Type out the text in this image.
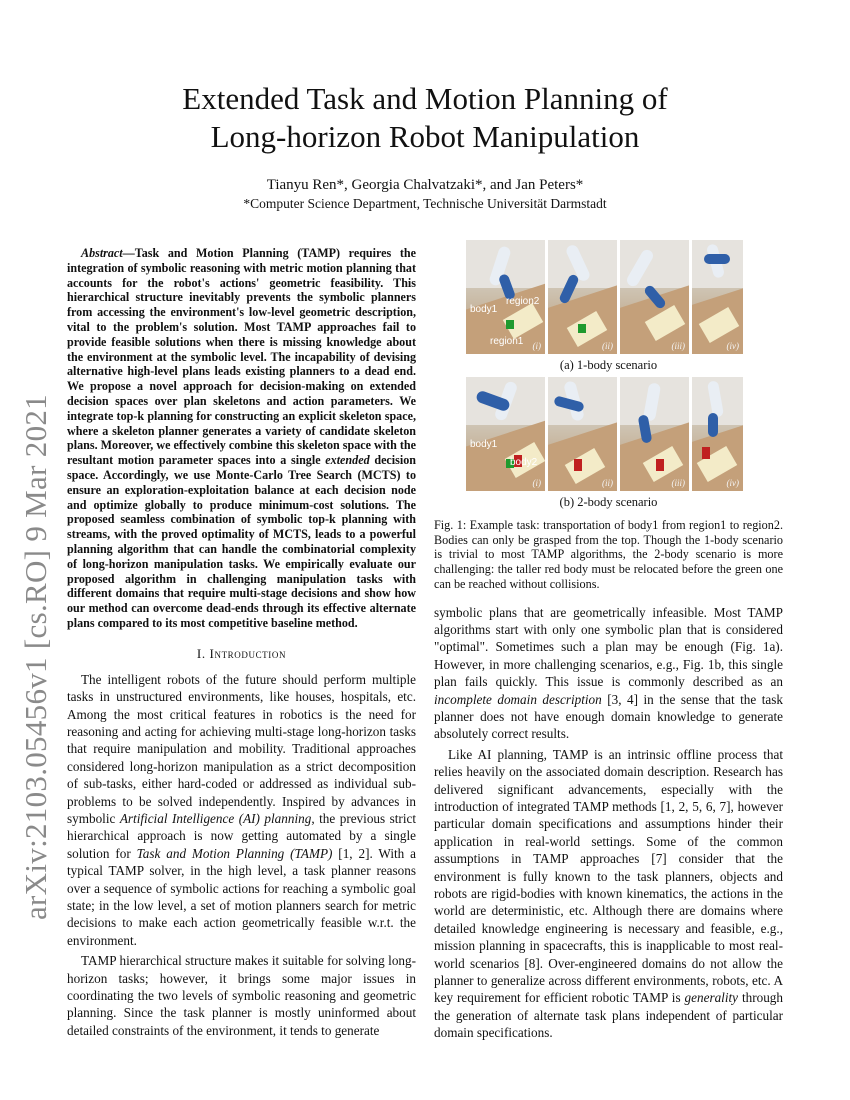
arXiv:2103.05456v1 [cs.RO] 9 Mar 2021
Extended Task and Motion Planning of
Long-horizon Robot Manipulation
Tianyu Ren*, Georgia Chalvatzaki*, and Jan Peters*
*Computer Science Department, Technische Universität Darmstadt

Abstract—Task and Motion Planning (TAMP) requires the integration of symbolic reasoning with metric motion planning that accounts for the robot's actions' geometric feasibility. This hierarchical structure inevitably prevents the symbolic planners from accessing the environment's low-level geometric description, vital to the problem's solution. Most TAMP approaches fail to provide feasible solutions when there is missing knowledge about the environment at the symbolic level. The incapability of devising alternative high-level plans leads existing planners to a dead end. We propose a novel approach for decision-making on extended decision spaces over plan skeletons and action parameters. We integrate top-k planning for constructing an explicit skeleton space, where a skeleton planner generates a variety of candidate skeleton plans. Moreover, we effectively combine this skeleton space with the resultant motion parameter spaces into a single extended decision space. Accordingly, we use Monte-Carlo Tree Search (MCTS) to ensure an exploration-exploitation balance at each decision node and optimize globally to produce minimum-cost solutions. The proposed seamless combination of symbolic top-k planning with streams, with the proved optimality of MCTS, leads to a powerful planning algorithm that can handle the combinatorial complexity of long-horizon manipulation tasks. We empirically evaluate our proposed algorithm in challenging manipulation tasks with different domains that require multi-stage decisions and show how our method can overcome dead-ends through its effective alternate plans compared to its most competitive baseline method.

I. Introduction

The intelligent robots of the future should perform multiple tasks in unstructured environments, like houses, hospitals, etc. Among the most critical features in robotics is the need for reasoning and acting for achieving multi-stage long-horizon tasks that require manipulation and mobility. Traditional approaches considered long-horizon manipulation as a strict decomposition of sub-tasks, either hard-coded or addressed as individual sub-problems to be solved independently. Inspired by advances in symbolic Artificial Intelligence (AI) planning, the previous strict hierarchical approach is now getting automated by a single solution for Task and Motion Planning (TAMP) [1, 2]. With a typical TAMP solver, in the high level, a task planner reasons over a sequence of symbolic actions for reaching a symbolic goal state; in the low level, a set of motion planners search for metric decisions to make each action geometrically feasible w.r.t. the environment.

TAMP hierarchical structure makes it suitable for solving long-horizon tasks; however, it brings some major issues in coordinating the two levels of symbolic reasoning and geometric planning. Since the task planner is mostly uninformed about detailed constraints of the environment, it tends to generate

body1
region2
region1 (i)	(ii)	(iii)	(iv)
(a) 1-body scenario
body1
body2
(i)	(ii)	(iii)	(iv)
(b) 2-body scenario

Fig. 1: Example task: transportation of body1 from region1 to region2. Bodies can only be grasped from the top. Though the 1-body scenario is trivial to most TAMP algorithms, the 2-body scenario is more challenging: the taller red body must be relocated before the green one can be reached without collisions.

symbolic plans that are geometrically infeasible. Most TAMP algorithms start with only one symbolic plan that is considered "optimal". Sometimes such a plan may be enough (Fig. 1a). However, in more challenging scenarios, e.g., Fig. 1b, this single plan fails quickly. This issue is commonly described as an incomplete domain description [3, 4] in the sense that the task planner does not have enough domain knowledge to generate absolutely correct results.

Like AI planning, TAMP is an intrinsic offline process that relies heavily on the associated domain description. Research has delivered significant advancements, especially with the introduction of integrated TAMP methods [1, 2, 5, 6, 7], however particular domain specifications and assumptions hinder their application in real-world settings. Some of the common assumptions in TAMP approaches [7] consider that the environment is fully known to the task planners, objects and robots are rigid-bodies with known kinematics, the actions in the world are deterministic, etc. Although there are domains where detailed knowledge engineering is necessary and feasible, e.g., mission planning in spacecrafts, this is inapplicable to most real-world scenarios [8]. Over-engineered domains do not allow the planner to generalize across different environments, robots, etc. A key requirement for efficient robotic TAMP is generality through the generation of alternate task plans independent of particular domain specifications.
